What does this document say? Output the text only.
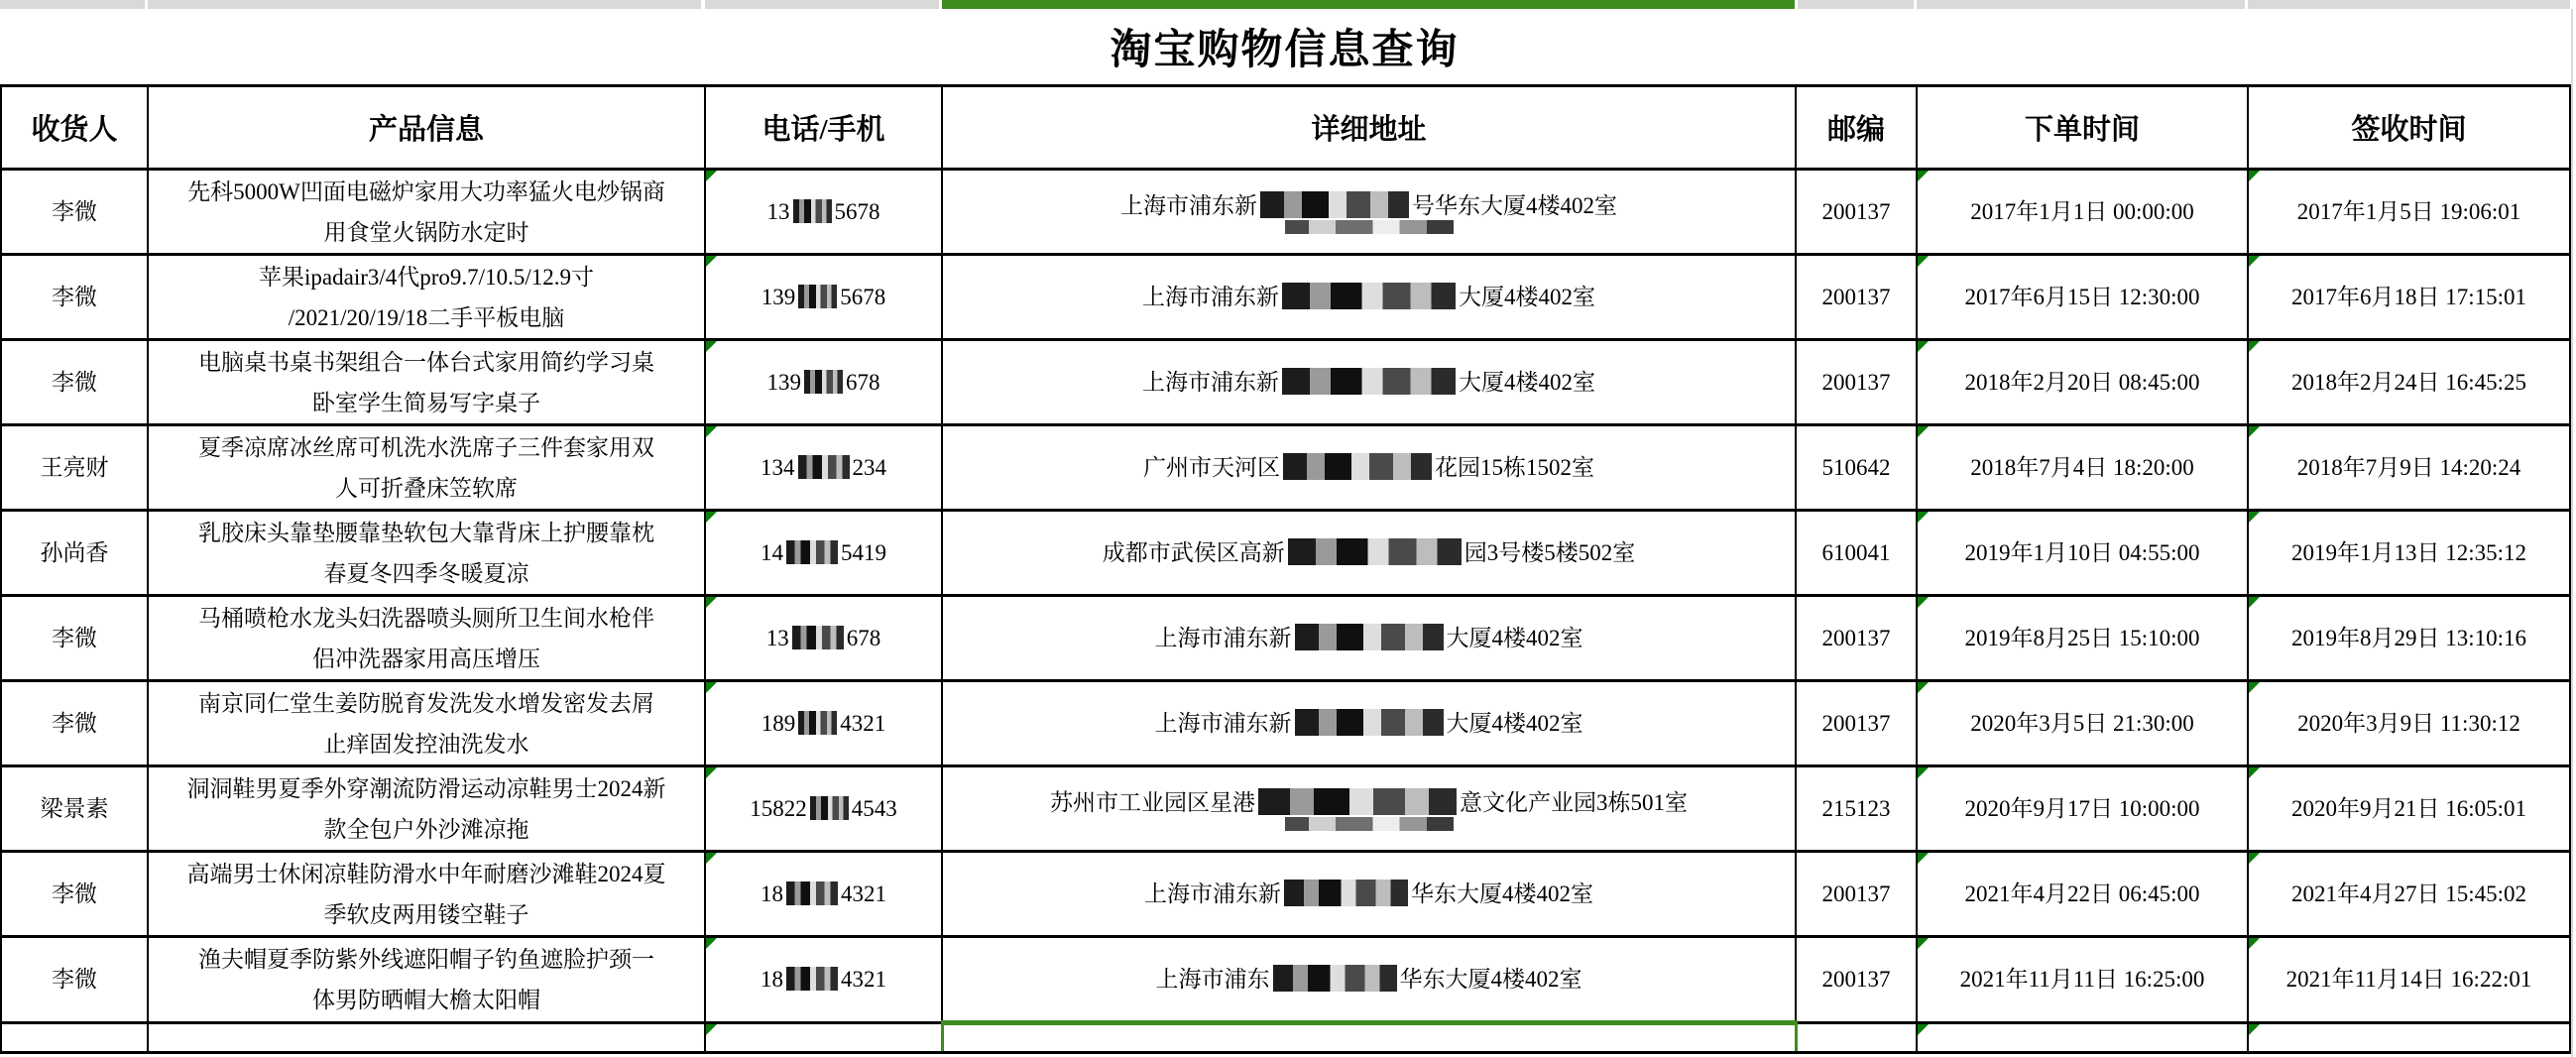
淘宝购物信息查询
收货人	产品信息	电话/手机	详细地址	邮编	下单时间	签收时间
李微	先科5000W凹面电磁炉家用大功率猛火电炒锅商
用食堂火锅防水定时	13 5678	上海市浦东新 号华东大厦4楼402室	200137	2017年1月1日 00:00:00	2017年1月5日 19:06:01
李微	苹果ipadair3/4代pro9.7/10.5/12.9寸
/2021/20/19/18二手平板电脑	139 5678	上海市浦东新 大厦4楼402室	200137	2017年6月15日 12:30:00	2017年6月18日 17:15:01
李微	电脑桌书桌书架组合一体台式家用简约学习桌
卧室学生简易写字桌子	139 678	上海市浦东新 大厦4楼402室	200137	2018年2月20日 08:45:00	2018年2月24日 16:45:25
王亮财	夏季凉席冰丝席可机洗水洗席子三件套家用双
人可折叠床笠软席	134 234	广州市天河区 花园15栋1502室	510642	2018年7月4日 18:20:00	2018年7月9日 14:20:24
孙尚香	乳胶床头靠垫腰靠垫软包大靠背床上护腰靠枕
春夏冬四季冬暖夏凉	14 5419	成都市武侯区高新 园3号楼5楼502室	610041	2019年1月10日 04:55:00	2019年1月13日 12:35:12
李微	马桶喷枪水龙头妇洗器喷头厕所卫生间水枪伴
侣冲洗器家用高压增压	13 678	上海市浦东新 大厦4楼402室	200137	2019年8月25日 15:10:00	2019年8月29日 13:10:16
李微	南京同仁堂生姜防脱育发洗发水增发密发去屑
止痒固发控油洗发水	189 4321	上海市浦东新 大厦4楼402室	200137	2020年3月5日 21:30:00	2020年3月9日 11:30:12
梁景素	洞洞鞋男夏季外穿潮流防滑运动凉鞋男士2024新
款全包户外沙滩凉拖	15822 4543	苏州市工业园区星港 意文化产业园3栋501室	215123	2020年9月17日 10:00:00	2020年9月21日 16:05:01
李微	高端男士休闲凉鞋防滑水中年耐磨沙滩鞋2024夏
季软皮两用镂空鞋子	18 4321	上海市浦东新 华东大厦4楼402室	200137	2021年4月22日 06:45:00	2021年4月27日 15:45:02
李微	渔夫帽夏季防紫外线遮阳帽子钓鱼遮脸护颈一
体男防晒帽大檐太阳帽	18 4321	上海市浦东 华东大厦4楼402室	200137	2021年11月11日 16:25:00	2021年11月14日 16:22:01
